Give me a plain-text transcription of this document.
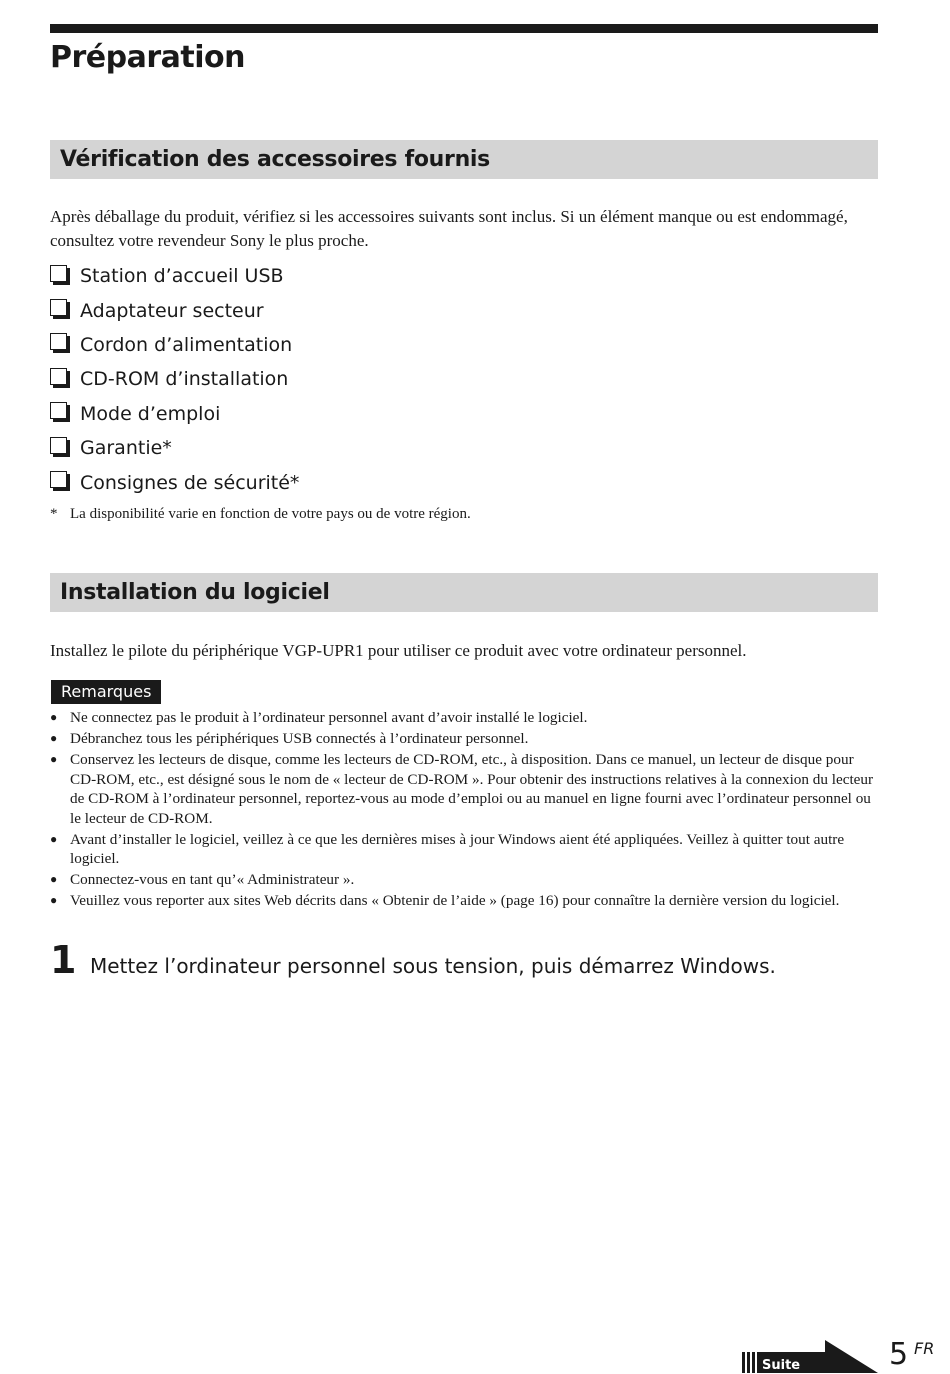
Préparation
Vérification des accessoires fournis

Après déballage du produit, vérifiez si les accessoires suivants sont inclus. Si un élément manque ou est endommagé, consultez votre revendeur Sony le plus proche.

Station d’accueil USB
Adaptateur secteur
Cordon d’alimentation
CD-ROM d’installation
Mode d’emploi
Garantie*
Consignes de sécurité*
* La disponibilité varie en fonction de votre pays ou de votre région.
Installation du logiciel

Installez le pilote du périphérique VGP-UPR1 pour utiliser ce produit avec votre ordinateur personnel.

Remarques
● Ne connectez pas le produit à l’ordinateur personnel avant d’avoir installé le logiciel.
● Débranchez tous les périphériques USB connectés à l’ordinateur personnel.
● Conservez les lecteurs de disque, comme les lecteurs de CD-ROM, etc., à disposition. Dans ce manuel, un lecteur de disque pour CD-ROM, etc., est désigné sous le nom de « lecteur de CD-ROM ». Pour obtenir des instructions relatives à la connexion du lecteur de CD-ROM à l’ordinateur personnel, reportez-vous au mode d’emploi ou au manuel en ligne fourni avec l’ordinateur personnel ou le lecteur de CD-ROM.
● Avant d’installer le logiciel, veillez à ce que les dernières mises à jour Windows aient été appliquées. Veillez à quitter tout autre logiciel.
● Connectez-vous en tant qu’« Administrateur ».
● Veuillez vous reporter aux sites Web décrits dans « Obtenir de l’aide » (page 16) pour connaître la dernière version du logiciel.
1 Mettez l’ordinateur personnel sous tension, puis démarrez Windows.
Suite	5 FR
